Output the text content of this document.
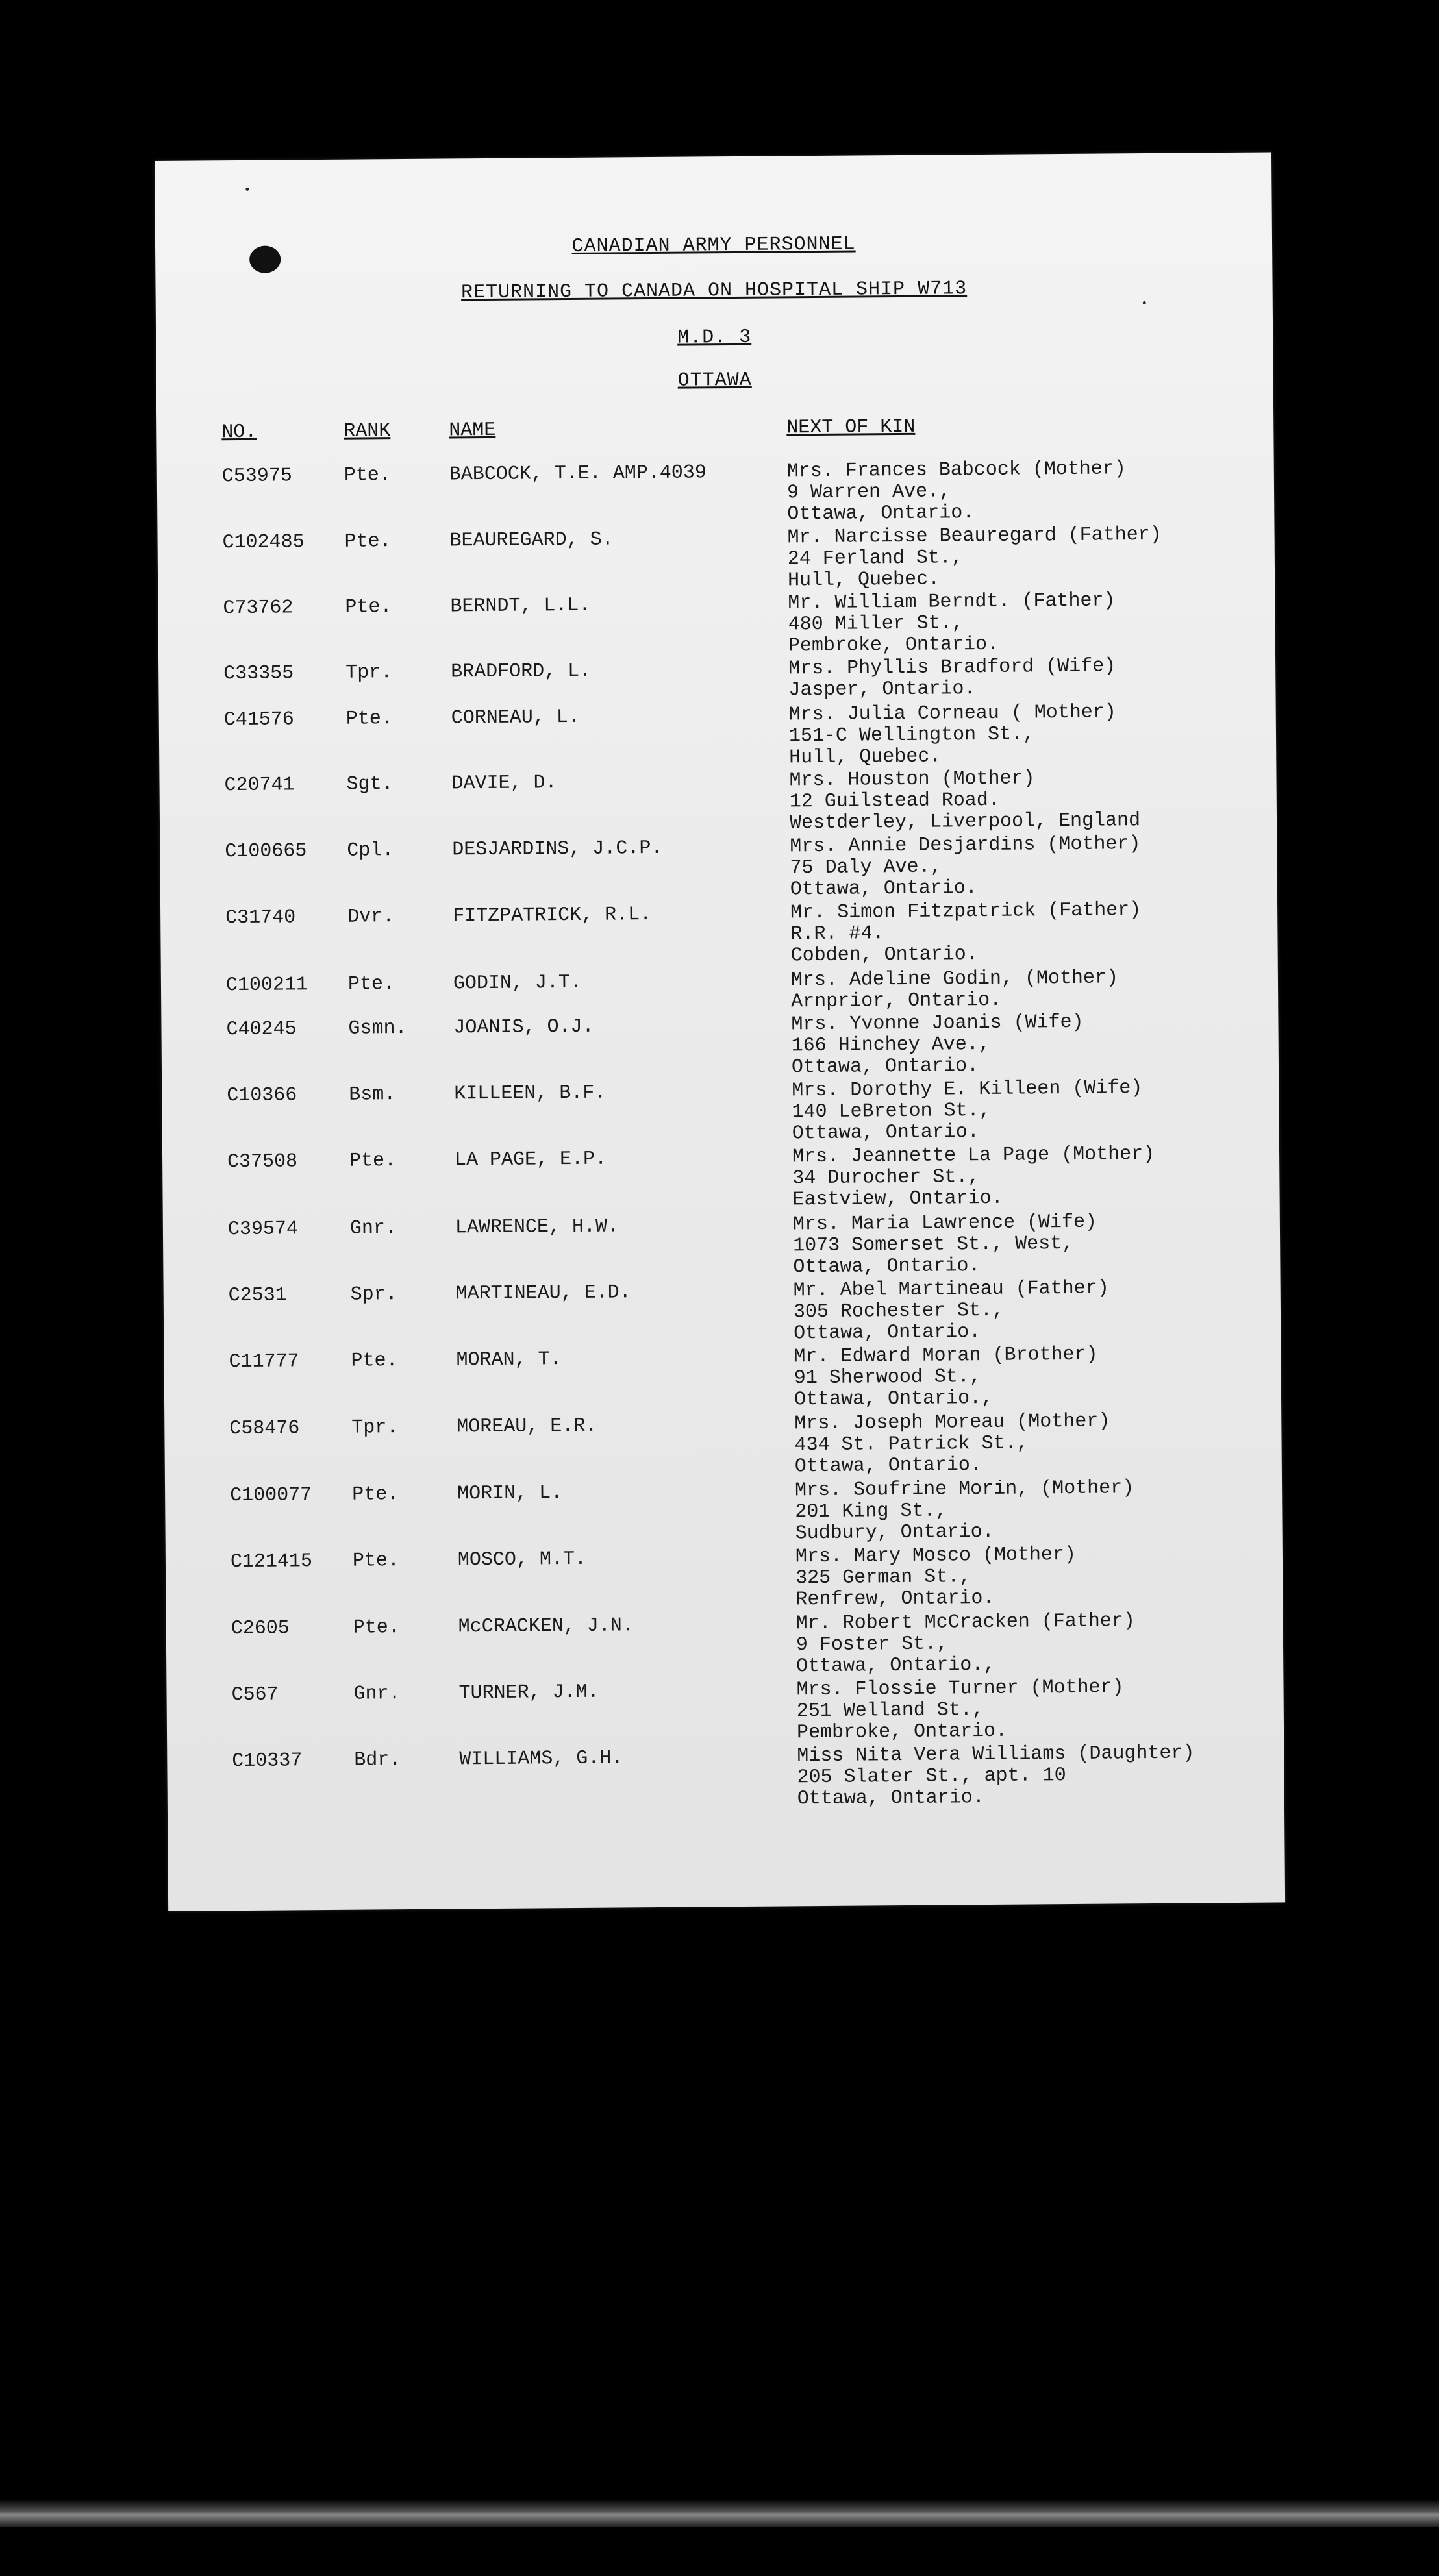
CANADIAN ARMY PERSONNEL
RETURNING TO CANADA ON HOSPITAL SHIP W713
M.D. 3
OTTAWA
NO.	RANK	NAME	NEXT OF KIN
C53975	Pte.	BABCOCK, T.E. AMP.4039	Mrs. Frances Babcock (Mother)
9 Warren Ave.,
Ottawa, Ontario.
C102485 Pte.	BEAUREGARD, S.	Mr. Narcisse Beauregard (Father)
24 Ferland St.,
Hull, Quebec.
C73762	Pte.	BERNDT, L.L.	Mr. William Berndt. (Father)
480 Miller St.,
Pembroke, Ontario.
C33355	Tpr.	BRADFORD, L.	Mrs. Phyllis Bradford (Wife)
Jasper, Ontario.
C41576	Pte.	CORNEAU, L.	Mrs. Julia Corneau ( Mother)
151-C Wellington St.,
Hull, Quebec.
C20741	Sgt.	DAVIE, D.	Mrs. Houston (Mother)
12 Guilstead Road.
Westderley, Liverpool, England
C100665 Cpl.	DESJARDINS, J.C.P.	Mrs. Annie Desjardins (Mother)
75 Daly Ave.,
Ottawa, Ontario.
C31740	Dvr.	FITZPATRICK, R.L.	Mr. Simon Fitzpatrick (Father)
R.R. #4.
Cobden, Ontario.
C100211 Pte.	GODIN, J.T.	Mrs. Adeline Godin, (Mother)
Arnprior, Ontario.
C40245	Gsmn. JOANIS, O.J.	Mrs. Yvonne Joanis (Wife)
166 Hinchey Ave.,
Ottawa, Ontario.
C10366	Bsm.	KILLEEN, B.F.	Mrs. Dorothy E. Killeen (Wife)
140 LeBreton St.,
Ottawa, Ontario.
C37508	Pte.	LA PAGE, E.P.	Mrs. Jeannette La Page (Mother)
34 Durocher St.,
Eastview, Ontario.
C39574	Gnr.	LAWRENCE, H.W.	Mrs. Maria Lawrence (Wife)
1073 Somerset St., West,
Ottawa, Ontario.
C2531	Spr.	MARTINEAU, E.D.	Mr. Abel Martineau (Father)
305 Rochester St.,
Ottawa, Ontario.
C11777	Pte.	MORAN, T.	Mr. Edward Moran (Brother)
91 Sherwood St.,
Ottawa, Ontario.,
C58476	Tpr.	MOREAU, E.R.	Mrs. Joseph Moreau (Mother)
434 St. Patrick St.,
Ottawa, Ontario.
C100077 Pte.	MORIN, L.	Mrs. Soufrine Morin, (Mother)
201 King St.,
Sudbury, Ontario.
C121415 Pte.	MOSCO, M.T.	Mrs. Mary Mosco (Mother)
325 German St.,
Renfrew, Ontario.
C2605	Pte.	McCRACKEN, J.N.	Mr. Robert McCracken (Father)
9 Foster St.,
Ottawa, Ontario.,
C567	Gnr.	TURNER, J.M.	Mrs. Flossie Turner (Mother)
251 Welland St.,
Pembroke, Ontario.
C10337	Bdr.	WILLIAMS, G.H.	Miss Nita Vera Williams (Daughter)
205 Slater St., apt. 10
Ottawa, Ontario.
